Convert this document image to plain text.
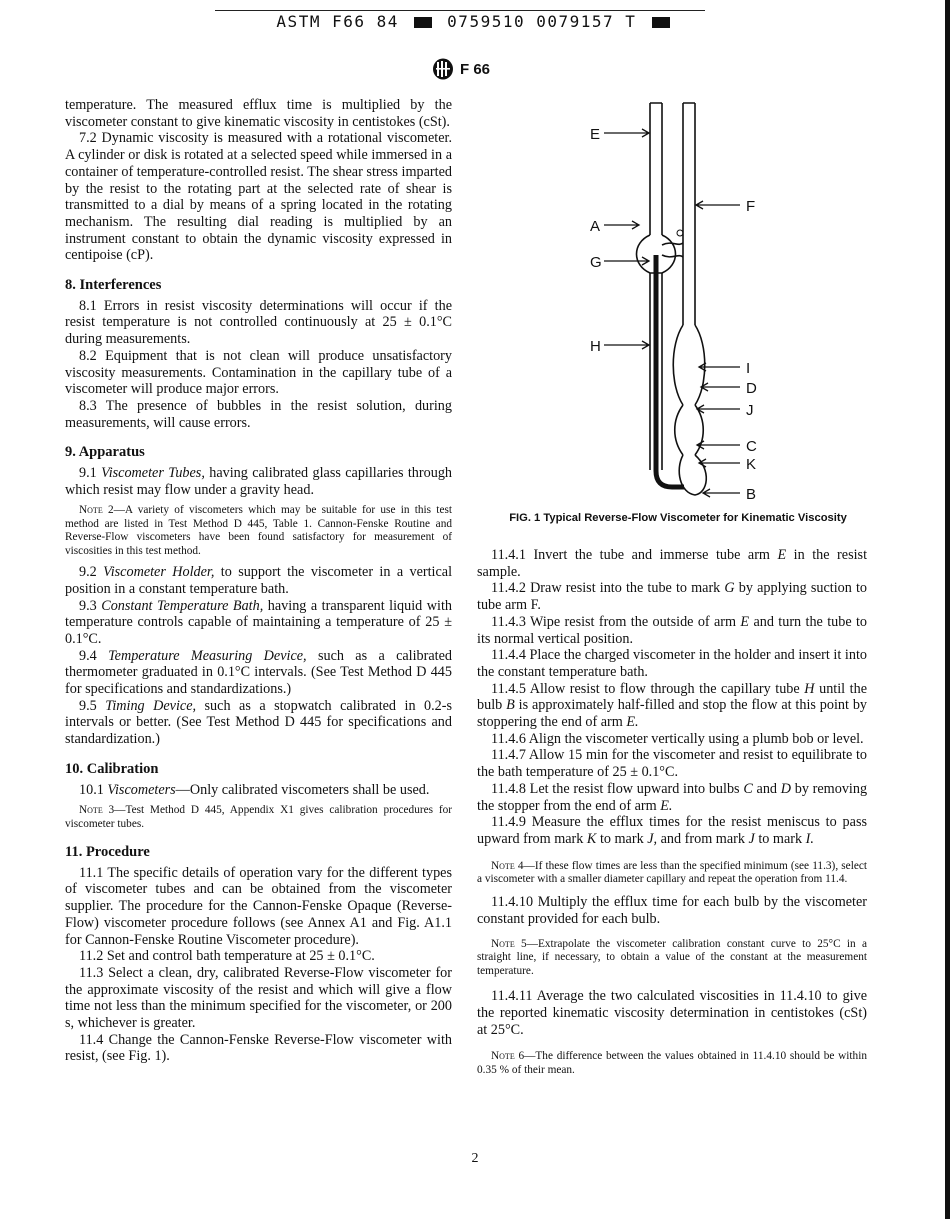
ASTM F66 84	0759510 0079157 T
F 66

temperature. The measured efflux time is multiplied by the viscometer constant to give kinematic viscosity in centistokes (cSt).

7.2 Dynamic viscosity is measured with a rotational viscometer. A cylinder or disk is rotated at a selected speed while immersed in a container of temperature-controlled resist. The shear stress imparted by the resist to the rotating part at the selected rate of shear is transmitted to a dial by means of a spring located in the rotating mechanism. The resulting dial reading is multiplied by an instrument constant to obtain the dynamic viscosity expressed in centipoise (cP).

8. Interferences

8.1 Errors in resist viscosity determinations will occur if the resist temperature is not controlled continuously at 25 ± 0.1°C during measurements.

8.2 Equipment that is not clean will produce unsatisfactory viscosity measurements. Contamination in the capillary tube of a viscometer will produce major errors.

8.3 The presence of bubbles in the resist solution, during measurements, will cause errors.

9. Apparatus

9.1 Viscometer Tubes, having calibrated glass capillaries through which resist may flow under a gravity head.

Note 2—A variety of viscometers which may be suitable for use in this test method are listed in Test Method D 445, Table 1. Cannon-Fenske Routine and Reverse-Flow viscometers have been found satisfactory for measurement of viscosities in this test method.

9.2 Viscometer Holder, to support the viscometer in a vertical position in a constant temperature bath.

9.3 Constant Temperature Bath, having a transparent liquid with temperature controls capable of maintaining a temperature of 25 ± 0.1°C.

9.4 Temperature Measuring Device, such as a calibrated thermometer graduated in 0.1°C intervals. (See Test Method D 445 for specifications and standardizations.)

9.5 Timing Device, such as a stopwatch calibrated in 0.2-s intervals or better. (See Test Method D 445 for specifications and standardization.)

10. Calibration

10.1 Viscometers—Only calibrated viscometers shall be used.

Note 3—Test Method D 445, Appendix X1 gives calibration procedures for viscometer tubes.

11. Procedure

11.1 The specific details of operation vary for the different types of viscometer tubes and can be obtained from the viscometer supplier. The procedure for the Cannon-Fenske Opaque (Reverse-Flow) viscometer procedure follows (see Annex A1 and Fig. A1.1 for Cannon-Fenske Routine Viscometer procedure).

11.2 Set and control bath temperature at 25 ± 0.1°C.

11.3 Select a clean, dry, calibrated Reverse-Flow viscometer for the approximate viscosity of the resist and which will give a flow time not less than the minimum specified for the viscometer, or 200 s, whichever is greater.

11.4 Change the Cannon-Fenske Reverse-Flow viscometer with resist, (see Fig. 1).

E
F
A
G
H
I
D
J
C
K
B
FIG. 1 Typical Reverse-Flow Viscometer for Kinematic Viscosity

11.4.1 Invert the tube and immerse tube arm E in the resist sample.

11.4.2 Draw resist into the tube to mark G by applying suction to tube arm F.

11.4.3 Wipe resist from the outside of arm E and turn the tube to its normal vertical position.

11.4.4 Place the charged viscometer in the holder and insert it into the constant temperature bath.

11.4.5 Allow resist to flow through the capillary tube H until the bulb B is approximately half-filled and stop the flow at this point by stoppering the end of arm E.

11.4.6 Align the viscometer vertically using a plumb bob or level.

11.4.7 Allow 15 min for the viscometer and resist to equilibrate to the bath temperature of 25 ± 0.1°C.

11.4.8 Let the resist flow upward into bulbs C and D by removing the stopper from the end of arm E.

11.4.9 Measure the efflux times for the resist meniscus to pass upward from mark K to mark J, and from mark J to mark I.

Note 4—If these flow times are less than the specified minimum (see 11.3), select a viscometer with a smaller diameter capillary and repeat the operation from 11.4.

11.4.10 Multiply the efflux time for each bulb by the viscometer constant provided for each bulb.

Note 5—Extrapolate the viscometer calibration constant curve to 25°C in a straight line, if necessary, to obtain a value of the constant at the measurement temperature.

11.4.11 Average the two calculated viscosities in 11.4.10 to give the reported kinematic viscosity determination in centistokes (cSt) at 25°C.

Note 6—The difference between the values obtained in 11.4.10 should be within 0.35 % of their mean.

2
